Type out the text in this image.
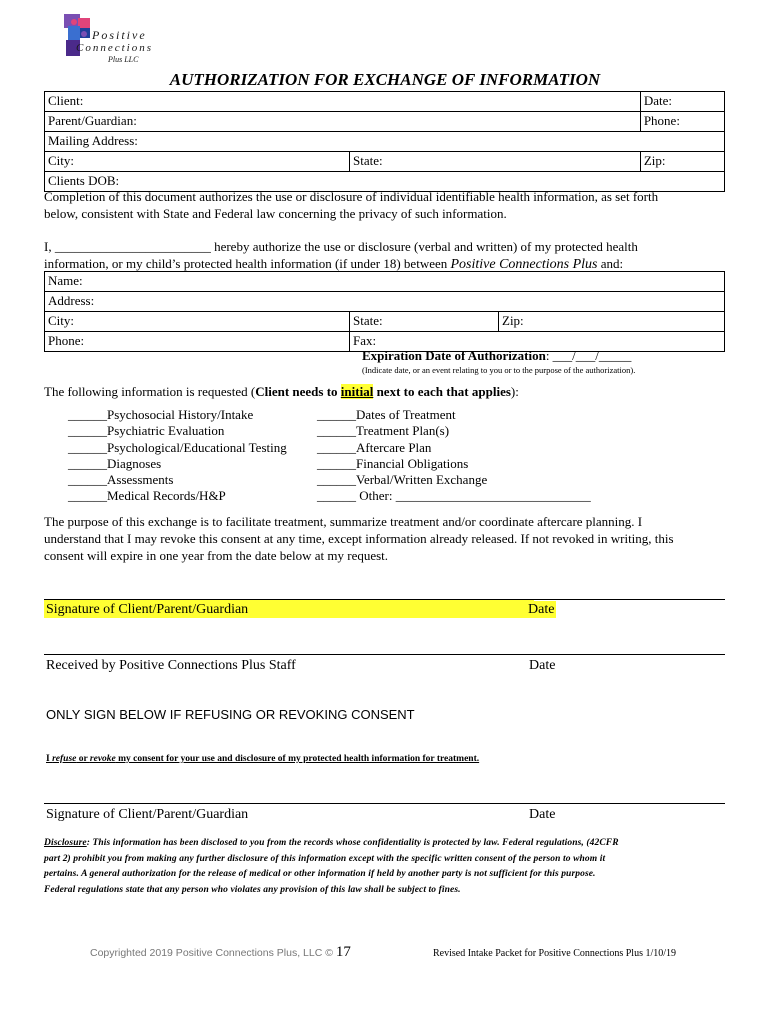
Positive
Connections
Plus LLC
AUTHORIZATION FOR EXCHANGE OF INFORMATION
Client:		Date:
Parent/Guardian:		Phone:
Mailing Address:		
City:	State:	Zip:
Clients DOB:		
Completion of this document authorizes the use or disclosure of individual identifiable health information, as set forth
below, consistent with State and Federal law concerning the privacy of such information.
I, ________________________ hereby authorize the use or disclosure (verbal and written) of my protected health
information, or my child’s protected health information (if under 18) between Positive Connections Plus and:
Name:		
Address:		
City:	State:	Zip:
Phone:	Fax:	
Expiration Date of Authorization: ___/___/_____
(Indicate date, or an event relating to you or to the purpose of the authorization).
The following information is requested (Client needs to initial next to each that applies):
______Psychosocial History/Intake
______Psychiatric Evaluation
______Psychological/Educational Testing
______Diagnoses
______Assessments
______Medical Records/H&P
______Dates of Treatment
______Treatment Plan(s)
______Aftercare Plan
______Financial Obligations
______Verbal/Written Exchange
______ Other: ______________________________
The purpose of this exchange is to facilitate treatment, summarize treatment and/or coordinate aftercare planning. I
understand that I may revoke this consent at any time, except information already released. If not revoked in writing, this
consent will expire in one year from the date below at my request.
Signature of Client/Parent/Guardian	Date
Received by Positive Connections Plus Staff	Date
ONLY SIGN BELOW IF REFUSING OR REVOKING CONSENT
I refuse or revoke my consent for your use and disclosure of my protected health information for treatment.
Signature of Client/Parent/Guardian	Date
Disclosure: This information has been disclosed to you from the records whose confidentiality is protected by law. Federal regulations, (42CFR
part 2) prohibit you from making any further disclosure of this information except with the specific written consent of the person to whom it
pertains. A general authorization for the release of medical or other information if held by another party is not sufficient for this purpose.
Federal regulations state that any person who violates any provision of this law shall be subject to fines.
Copyrighted 2019 Positive Connections Plus, LLC © 17	Revised Intake Packet for Positive Connections Plus 1/10/19
